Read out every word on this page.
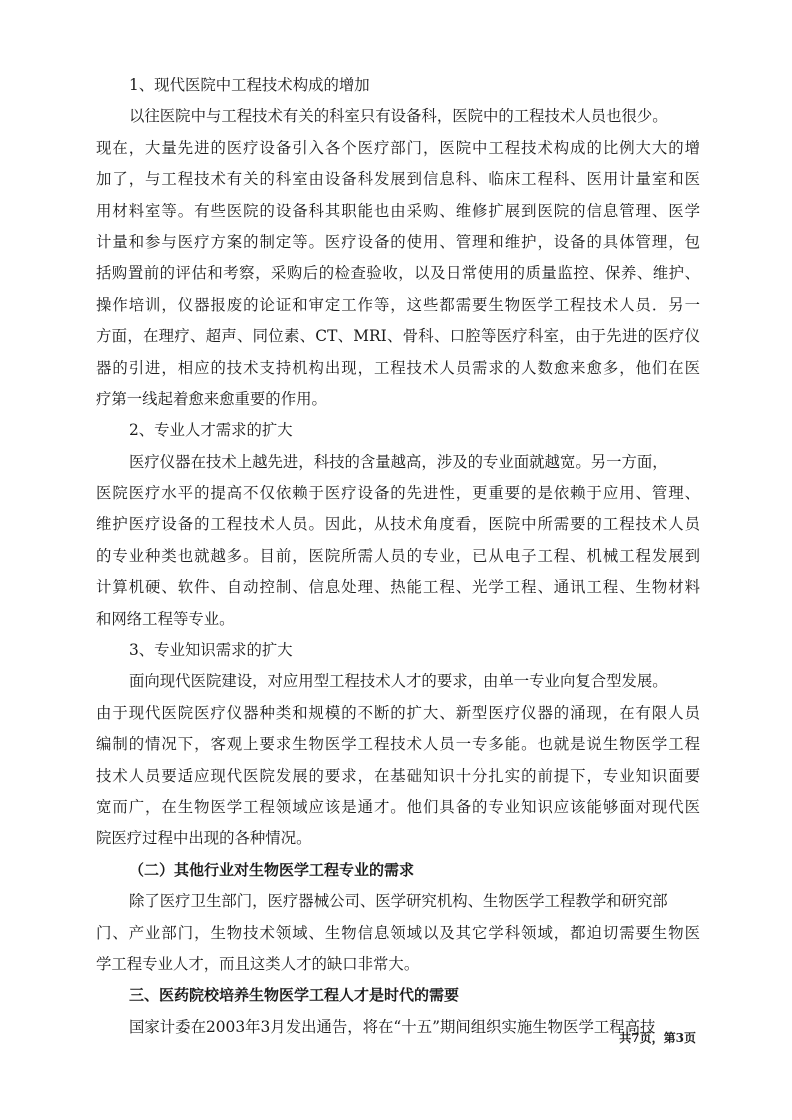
1、现代医院中工程技术构成的增加
以往医院中与工程技术有关的科室只有设备科，医院中的工程技术人员也很少。
现在，大量先进的医疗设备引入各个医疗部门，医院中工程技术构成的比例大大的增
加了，与工程技术有关的科室由设备科发展到信息科、临床工程科、医用计量室和医
用材料室等。有些医院的设备科其职能也由采购、维修扩展到医院的信息管理、医学
计量和参与医疗方案的制定等。医疗设备的使用、管理和维护，设备的具体管理，包
括购置前的评估和考察，采购后的检查验收，以及日常使用的质量监控、保养、维护、
操作培训，仪器报废的论证和审定工作等，这些都需要生物医学工程技术人员．另一
方面，在理疗、超声、同位素、CT、MRI、骨科、口腔等医疗科室，由于先进的医疗仪
器的引进，相应的技术支持机构出现，工程技术人员需求的人数愈来愈多，他们在医
疗第一线起着愈来愈重要的作用。
2、专业人才需求的扩大
医疗仪器在技术上越先进，科技的含量越高，涉及的专业面就越宽。另一方面，
医院医疗水平的提高不仅依赖于医疗设备的先进性，更重要的是依赖于应用、管理、
维护医疗设备的工程技术人员。因此，从技术角度看，医院中所需要的工程技术人员
的专业种类也就越多。目前，医院所需人员的专业，已从电子工程、机械工程发展到
计算机硬、软件、自动控制、信息处理、热能工程、光学工程、通讯工程、生物材料
和网络工程等专业。
3、专业知识需求的扩大
面向现代医院建设，对应用型工程技术人才的要求，由单一专业向复合型发展。
由于现代医院医疗仪器种类和规模的不断的扩大、新型医疗仪器的涌现，在有限人员
编制的情况下，客观上要求生物医学工程技术人员一专多能。也就是说生物医学工程
技术人员要适应现代医院发展的要求，在基础知识十分扎实的前提下，专业知识面要
宽而广，在生物医学工程领域应该是通才。他们具备的专业知识应该能够面对现代医
院医疗过程中出现的各种情况。
（二）其他行业对生物医学工程专业的需求
除了医疗卫生部门，医疗器械公司、医学研究机构、生物医学工程教学和研究部
门、产业部门，生物技术领域、生物信息领域以及其它学科领域，都迫切需要生物医
学工程专业人才，而且这类人才的缺口非常大。
三、医药院校培养生物医学工程人才是时代的需要
国家计委在2003年3月发出通告，将在“十五”期间组织实施生物医学工程高技
共7页，第3页
